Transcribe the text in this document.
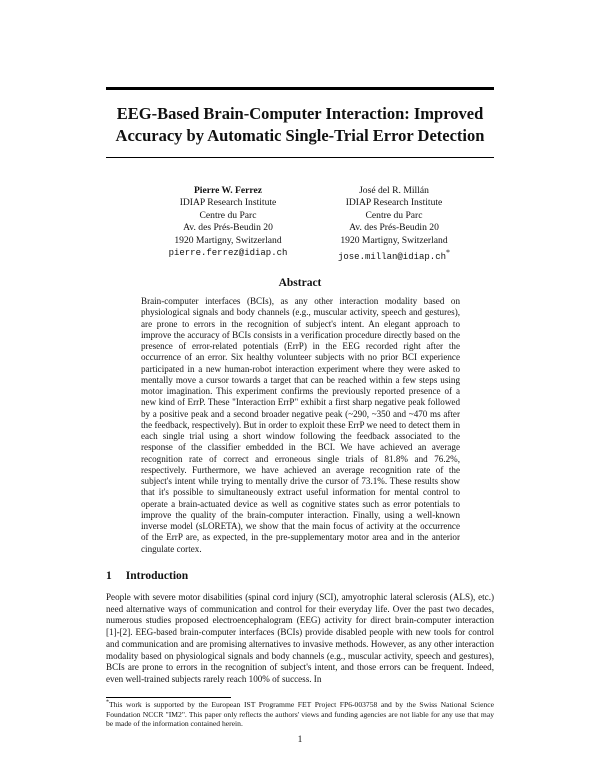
EEG-Based Brain-Computer Interaction: Improved Accuracy by Automatic Single-Trial Error Detection
Pierre W. Ferrez
IDIAP Research Institute
Centre du Parc
Av. des Prés-Beudin 20
1920 Martigny, Switzerland
pierre.ferrez@idiap.ch
José del R. Millán
IDIAP Research Institute
Centre du Parc
Av. des Prés-Beudin 20
1920 Martigny, Switzerland
jose.millan@idiap.ch*
Abstract

Brain-computer interfaces (BCIs), as any other interaction modality based on physiological signals and body channels (e.g., muscular activity, speech and gestures), are prone to errors in the recognition of subject's intent. An elegant approach to improve the accuracy of BCIs consists in a verification procedure directly based on the presence of error-related potentials (ErrP) in the EEG recorded right after the occurrence of an error. Six healthy volunteer subjects with no prior BCI experience participated in a new human-robot interaction experiment where they were asked to mentally move a cursor towards a target that can be reached within a few steps using motor imagination. This experiment confirms the previously reported presence of a new kind of ErrP. These "Interaction ErrP" exhibit a first sharp negative peak followed by a positive peak and a second broader negative peak (~290, ~350 and ~470 ms after the feedback, respectively). But in order to exploit these ErrP we need to detect them in each single trial using a short window following the feedback associated to the response of the classifier embedded in the BCI. We have achieved an average recognition rate of correct and erroneous single trials of 81.8% and 76.2%, respectively. Furthermore, we have achieved an average recognition rate of the subject's intent while trying to mentally drive the cursor of 73.1%. These results show that it's possible to simultaneously extract useful information for mental control to operate a brain-actuated device as well as cognitive states such as error potentials to improve the quality of the brain-computer interaction. Finally, using a well-known inverse model (sLORETA), we show that the main focus of activity at the occurrence of the ErrP are, as expected, in the pre-supplementary motor area and in the anterior cingulate cortex.

1 Introduction

People with severe motor disabilities (spinal cord injury (SCI), amyotrophic lateral sclerosis (ALS), etc.) need alternative ways of communication and control for their everyday life. Over the past two decades, numerous studies proposed electroencephalogram (EEG) activity for direct brain-computer interaction [1]-[2]. EEG-based brain-computer interfaces (BCIs) provide disabled people with new tools for control and communication and are promising alternatives to invasive methods. However, as any other interaction modality based on physiological signals and body channels (e.g., muscular activity, speech and gestures), BCIs are prone to errors in the recognition of subject's intent, and those errors can be frequent. Indeed, even well-trained subjects rarely reach 100% of success. In

*This work is supported by the European IST Programme FET Project FP6-003758 and by the Swiss National Science Foundation NCCR "IM2". This paper only reflects the authors' views and funding agencies are not liable for any use that may be made of the information contained herein.

1
